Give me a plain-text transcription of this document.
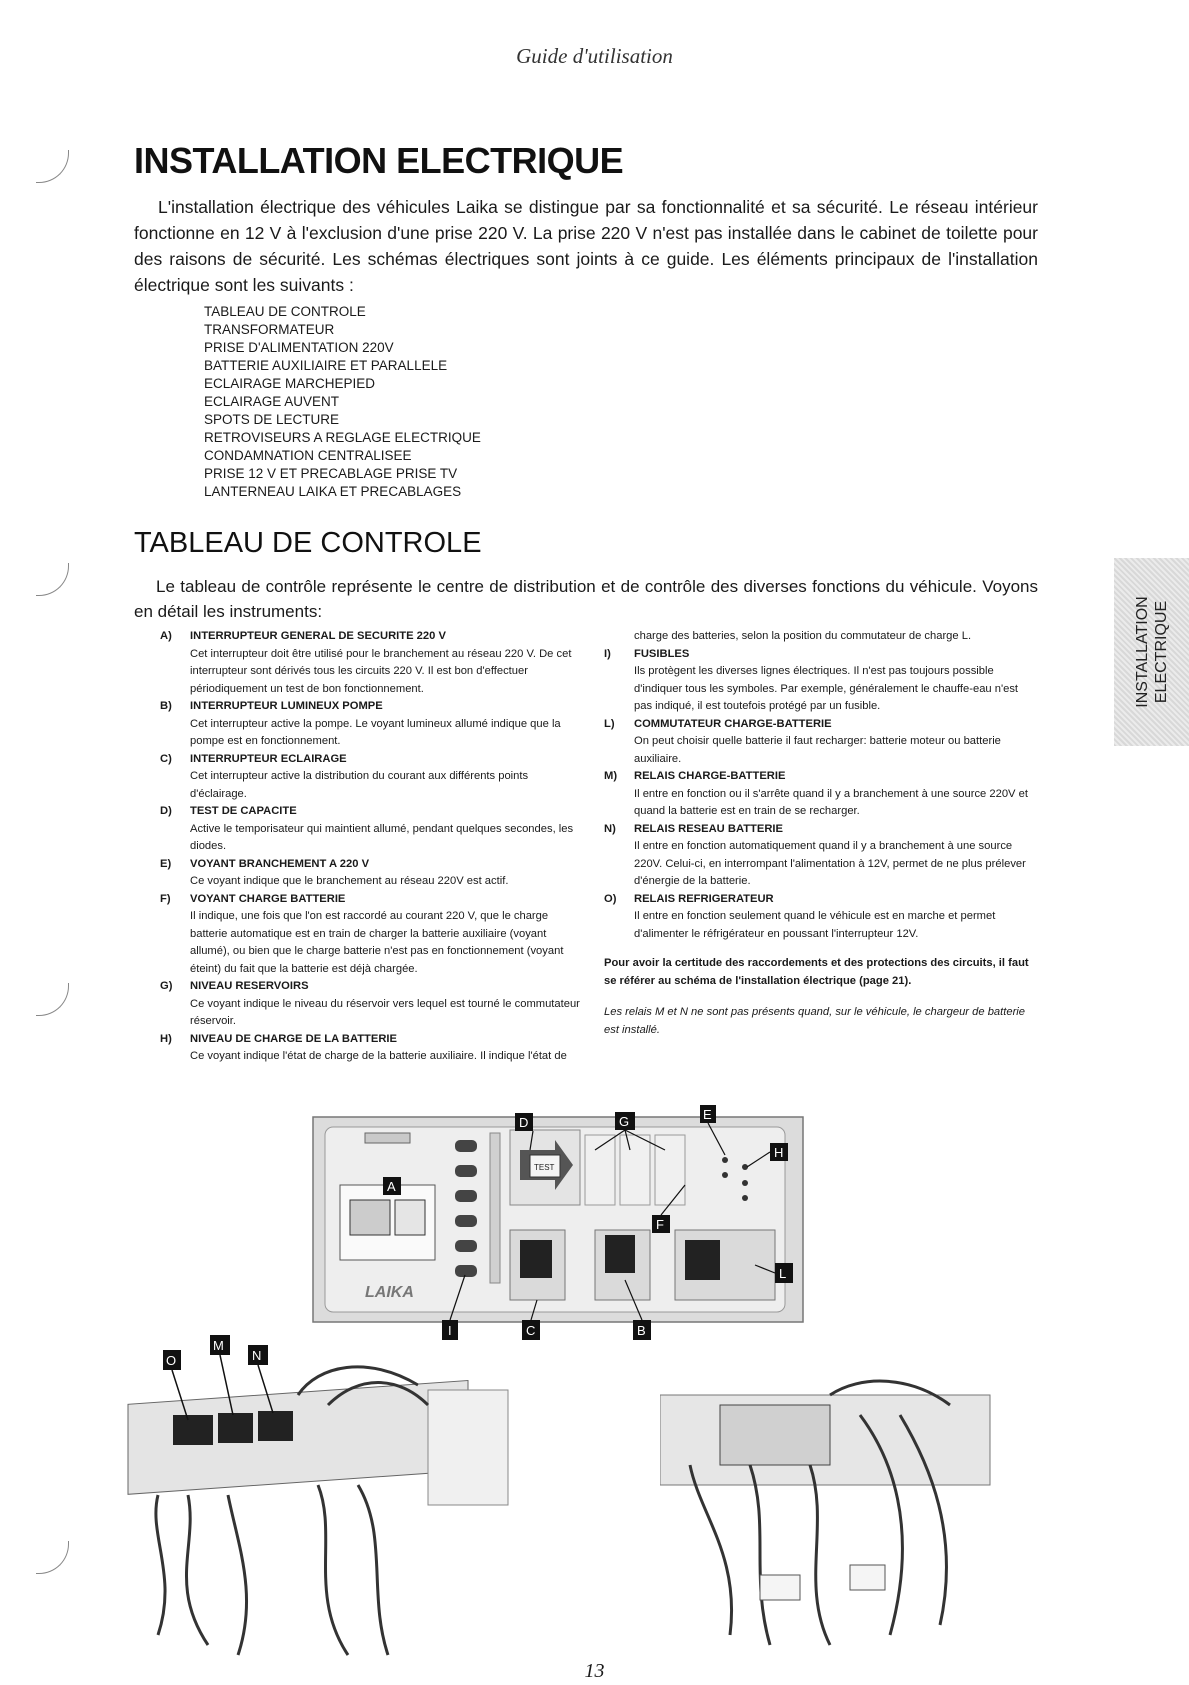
Guide d'utilisation
INSTALLATION ELECTRIQUE

L'installation électrique des véhicules Laika se distingue par sa fonctionnalité et sa sécurité. Le réseau intérieur fonctionne en 12 V à l'exclusion d'une prise 220 V. La prise 220 V n'est pas installée dans le cabinet de toilette pour des raisons de sécurité. Les schémas électriques sont joints à ce guide. Les éléments principaux de l'installation électrique sont les suivants :

TABLEAU DE CONTROLE
TRANSFORMATEUR
PRISE D'ALIMENTATION 220V
BATTERIE AUXILIAIRE ET PARALLELE
ECLAIRAGE MARCHEPIED
ECLAIRAGE AUVENT
SPOTS DE LECTURE
RETROVISEURS A REGLAGE ELECTRIQUE
CONDAMNATION CENTRALISEE
PRISE 12 V ET PRECABLAGE PRISE TV
LANTERNEAU LAIKA ET PRECABLAGES
TABLEAU DE CONTROLE

Le tableau de contrôle représente le centre de distribution et de contrôle des diverses fonctions du véhicule. Voyons en détail les instruments:

A) INTERRUPTEUR GENERAL DE SECURITE 220 V
Cet interrupteur doit être utilisé pour le branchement au réseau 220 V. De cet interrupteur sont dérivés tous les circuits 220 V. Il est bon d'effectuer périodiquement un test de bon fonctionnement.
B) INTERRUPTEUR LUMINEUX POMPE
Cet interrupteur active la pompe. Le voyant lumineux allumé indique que la pompe est en fonctionnement.
C) INTERRUPTEUR ECLAIRAGE
Cet interrupteur active la distribution du courant aux différents points d'éclairage.
D) TEST DE CAPACITE
Active le temporisateur qui maintient allumé, pendant quelques secondes, les diodes.
E) VOYANT BRANCHEMENT A 220 V
Ce voyant indique que le branchement au réseau 220V est actif.
F) VOYANT CHARGE BATTERIE
Il indique, une fois que l'on est raccordé au courant 220 V, que le charge batterie automatique est en train de charger la batterie auxiliaire (voyant allumé), ou bien que le charge batterie n'est pas en fonctionnement (voyant éteint) du fait que la batterie est déjà chargée.
G) NIVEAU RESERVOIRS
Ce voyant indique le niveau du réservoir vers lequel est tourné le commutateur réservoir.
H) NIVEAU DE CHARGE DE LA BATTERIE
Ce voyant indique l'état de charge de la batterie auxiliaire. Il indique l'état de
charge des batteries, selon la position du commutateur de charge L.
I) FUSIBLES
Ils protègent les diverses lignes électriques. Il n'est pas toujours possible d'indiquer tous les symboles. Par exemple, généralement le chauffe-eau n'est pas indiqué, il est toutefois protégé par un fusible.
L) COMMUTATEUR CHARGE-BATTERIE
On peut choisir quelle batterie il faut recharger: batterie moteur ou batterie auxiliaire.
M) RELAIS CHARGE-BATTERIE
Il entre en fonction ou il s'arrête quand il y a branchement à une source 220V et quand la batterie est en train de se recharger.
N) RELAIS RESEAU BATTERIE
Il entre en fonction automatiquement quand il y a branchement à une source 220V. Celui-ci, en interrompant l'alimentation à 12V, permet de ne plus prélever d'énergie de la batterie.
O) RELAIS REFRIGERATEUR
Il entre en fonction seulement quand le véhicule est en marche et permet d'alimenter le réfrigérateur en poussant l'interrupteur 12V.
Pour avoir la certitude des raccordements et des protections des circuits, il faut se référer au schéma de l'installation électrique (page 21).
Les relais M et N ne sont pas présents quand, sur le véhicule, le chargeur de batterie est installé.
INSTALLATION ELECTRIQUE
LAIKA
TEST
A
B
C
D
E
F
G
H
I
L
O
M
N
13
